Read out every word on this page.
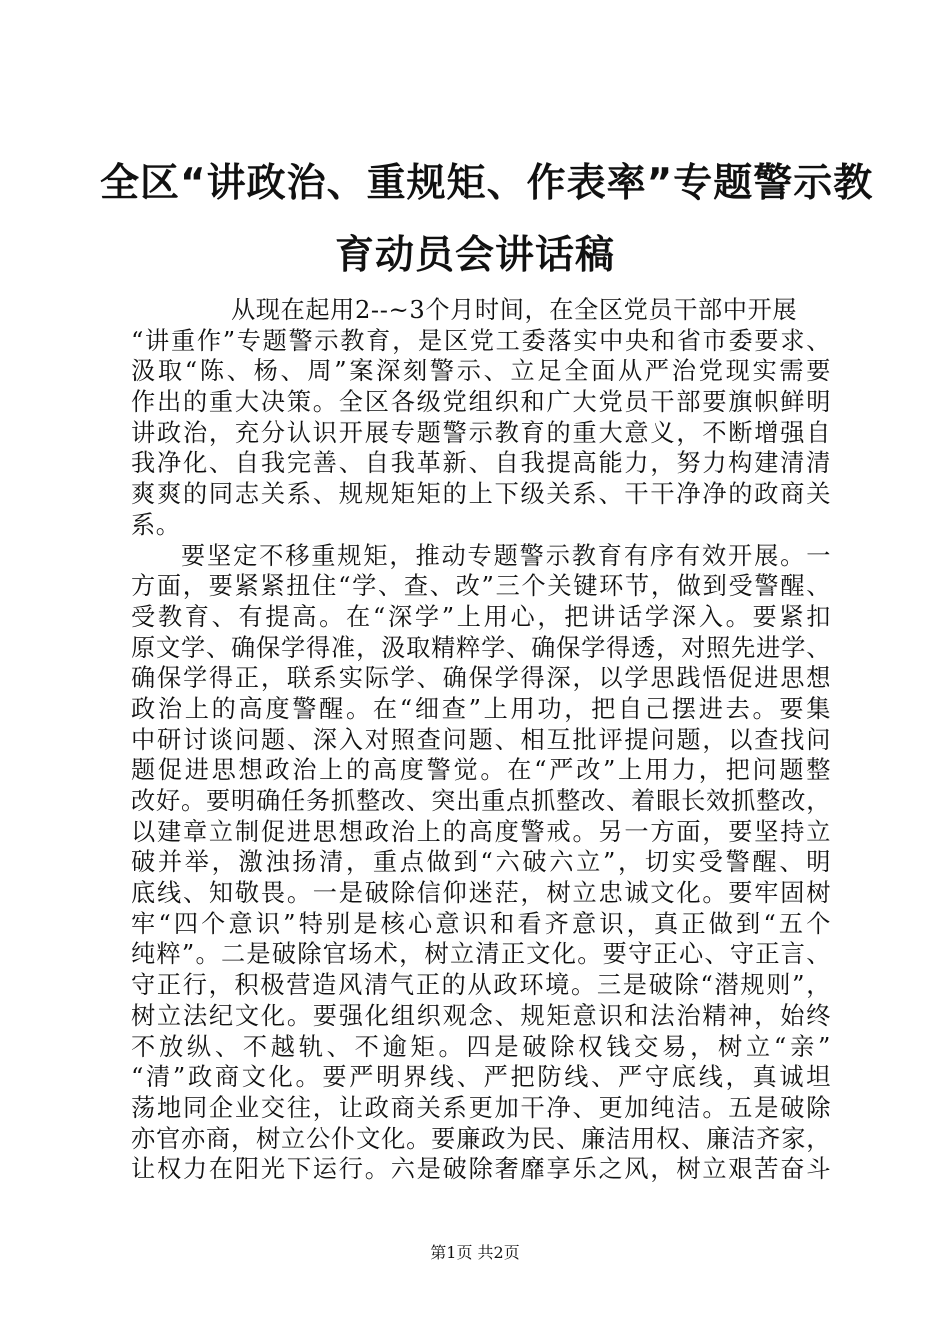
全区“讲政治、重规矩、作表率”专题警示教
育动员会讲话稿
从现在起用2--~3个月时间，在全区党员干部中开展
“讲重作”专题警示教育，是区党工委落实中央和省市委要求、
汲取“陈、杨、周”案深刻警示、立足全面从严治党现实需要
作出的重大决策。全区各级党组织和广大党员干部要旗帜鲜明
讲政治，充分认识开展专题警示教育的重大意义，不断增强自
我净化、自我完善、自我革新、自我提高能力，努力构建清清
爽爽的同志关系、规规矩矩的上下级关系、干干净净的政商关
系。
要坚定不移重规矩，推动专题警示教育有序有效开展。一
方面，要紧紧扭住“学、查、改”三个关键环节，做到受警醒、
受教育、有提高。在“深学”上用心，把讲话学深入。要紧扣
原文学、确保学得准，汲取精粹学、确保学得透，对照先进学、
确保学得正，联系实际学、确保学得深，以学思践悟促进思想
政治上的高度警醒。在“细查”上用功，把自己摆进去。要集
中研讨谈问题、深入对照查问题、相互批评提问题，以查找问
题促进思想政治上的高度警觉。在“严改”上用力，把问题整
改好。要明确任务抓整改、突出重点抓整改、着眼长效抓整改，
以建章立制促进思想政治上的高度警戒。另一方面，要坚持立
破并举，激浊扬清，重点做到“六破六立”，切实受警醒、明
底线、知敬畏。一是破除信仰迷茫，树立忠诚文化。要牢固树
牢“四个意识”特别是核心意识和看齐意识，真正做到“五个
纯粹”。二是破除官场术，树立清正文化。要守正心、守正言、
守正行，积极营造风清气正的从政环境。三是破除“潜规则”，
树立法纪文化。要强化组织观念、规矩意识和法治精神，始终
不放纵、不越轨、不逾矩。四是破除权钱交易，树立“亲”
“清”政商文化。要严明界线、严把防线、严守底线，真诚坦
荡地同企业交往，让政商关系更加干净、更加纯洁。五是破除
亦官亦商，树立公仆文化。要廉政为民、廉洁用权、廉洁齐家，
让权力在阳光下运行。六是破除奢靡享乐之风，树立艰苦奋斗
第1页 共2页
